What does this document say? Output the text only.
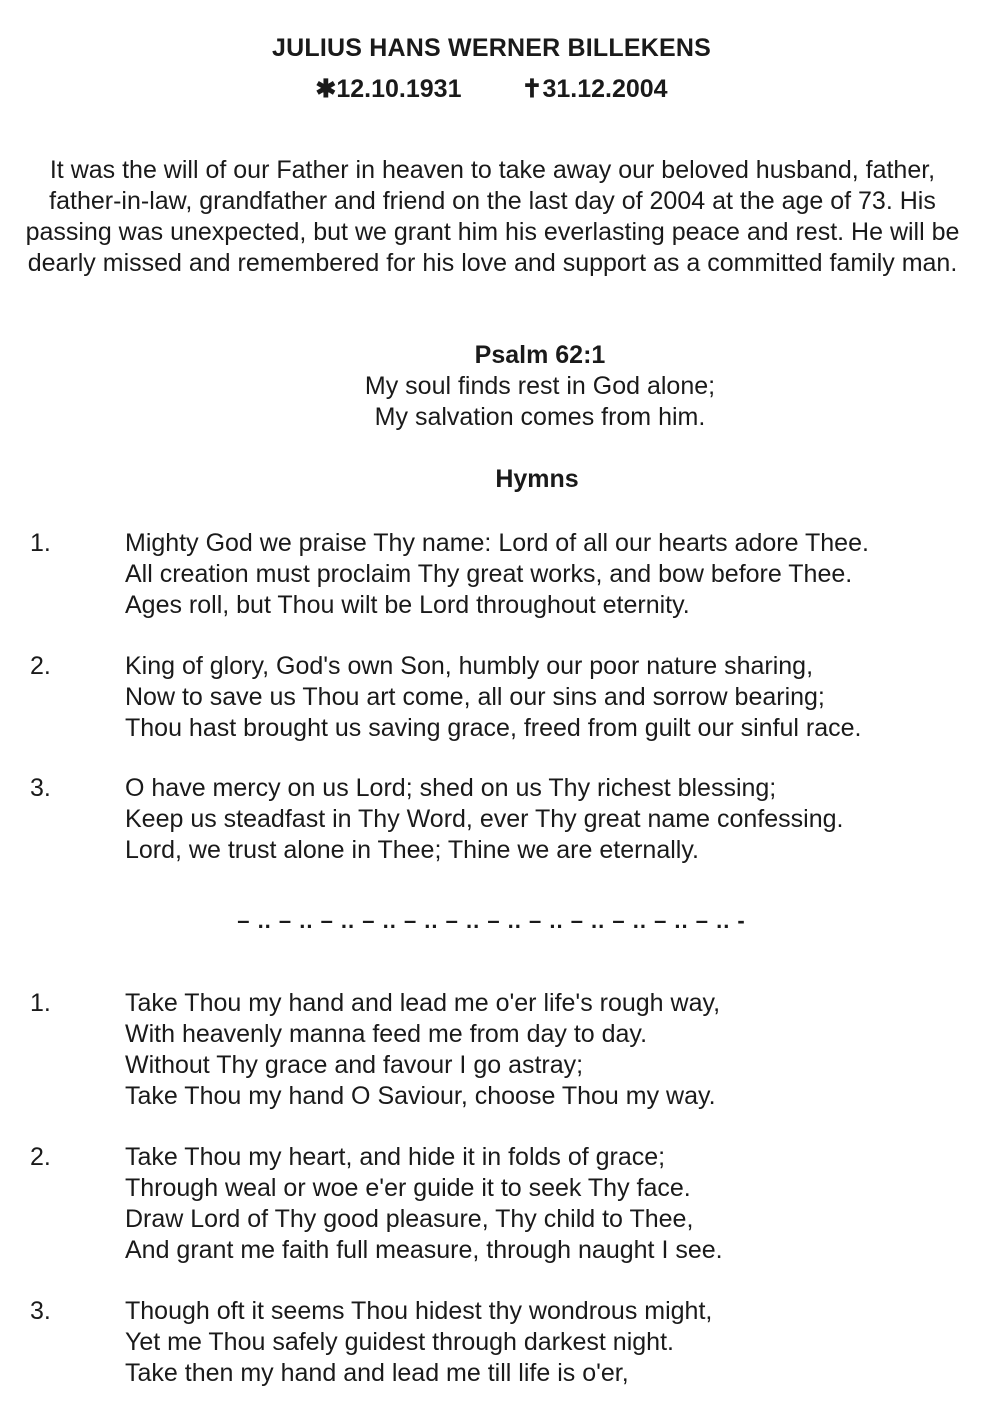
JULIUS HANS WERNER BILLEKENS
✱12.10.1931 ✝31.12.2004
It was the will of our Father in heaven to take away our beloved husband, father, father-in-law, grandfather and friend on the last day of 2004 at the age of 73. His passing was unexpected, but we grant him his everlasting peace and rest. He will be dearly missed and remembered for his love and support as a committed family man.
Psalm 62:1
My soul finds rest in God alone;
My salvation comes from him.
Hymns
1.	Mighty God we praise Thy name: Lord of all our hearts adore Thee.
All creation must proclaim Thy great works, and bow before Thee.
Ages roll, but Thou wilt be Lord throughout eternity.
2.	King of glory, God's own Son, humbly our poor nature sharing,
Now to save us Thou art come, all our sins and sorrow bearing;
Thou hast brought us saving grace, freed from guilt our sinful race.
3.	O have mercy on us Lord; shed on us Thy richest blessing;
Keep us steadfast in Thy Word, ever Thy great name confessing.
Lord, we trust alone in Thee; Thine we are eternally.
– .. – .. – .. – .. – .. – .. – .. – .. – .. – .. – .. – .. -
1.	Take Thou my hand and lead me o'er life's rough way,
With heavenly manna feed me from day to day.
Without Thy grace and favour I go astray;
Take Thou my hand O Saviour, choose Thou my way.
2.	Take Thou my heart, and hide it in folds of grace;
Through weal or woe e'er guide it to seek Thy face.
Draw Lord of Thy good pleasure, Thy child to Thee,
And grant me faith full measure, through naught I see.
3.	Though oft it seems Thou hidest thy wondrous might,
Yet me Thou safely guidest through darkest night.
Take then my hand and lead me till life is o'er,
